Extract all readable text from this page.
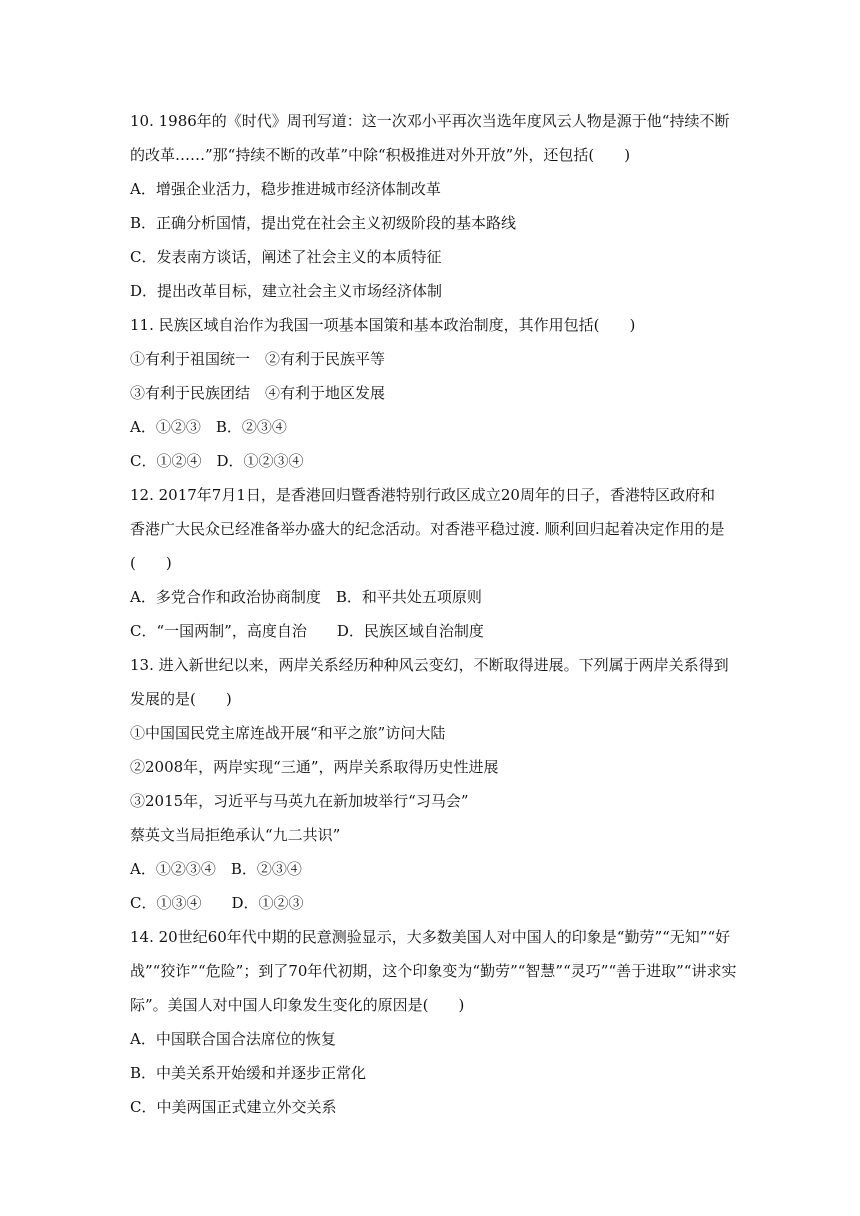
10. 1986年的《时代》周刊写道：这一次邓小平再次当选年度风云人物是源于他“持续不断
的改革……”那“持续不断的改革”中除“积极推进对外开放”外，还包括(　　)
A．增强企业活力，稳步推进城市经济体制改革
B．正确分析国情，提出党在社会主义初级阶段的基本路线
C．发表南方谈话，阐述了社会主义的本质特征
D．提出改革目标，建立社会主义市场经济体制
11. 民族区域自治作为我国一项基本国策和基本政治制度，其作用包括(　　)
①有利于祖国统一　②有利于民族平等
③有利于民族团结　④有利于地区发展
A．①②③　B．②③④
C．①②④　D．①②③④
12. 2017年7月1日，是香港回归暨香港特别行政区成立20周年的日子，香港特区政府和
香港广大民众已经准备举办盛大的纪念活动。对香港平稳过渡. 顺利回归起着决定作用的是
(　　)
A．多党合作和政治协商制度　B．和平共处五项原则
C．“一国两制”，高度自治　　D．民族区域自治制度
13. 进入新世纪以来，两岸关系经历种种风云变幻，不断取得进展。下列属于两岸关系得到
发展的是(　　)
①中国国民党主席连战开展“和平之旅”访问大陆
②2008年，两岸实现“三通”，两岸关系取得历史性进展
③2015年，习近平与马英九在新加坡举行“习马会”
蔡英文当局拒绝承认“九二共识”
A．①②③④　B．②③④
C．①③④　　D．①②③
14. 20世纪60年代中期的民意测验显示，大多数美国人对中国人的印象是“勤劳”“无知”“好
战”“狡诈”“危险”；到了70年代初期，这个印象变为“勤劳”“智慧”“灵巧”“善于进取”“讲求实
际”。美国人对中国人印象发生变化的原因是(　　)
A．中国联合国合法席位的恢复
B．中美关系开始缓和并逐步正常化
C．中美两国正式建立外交关系
